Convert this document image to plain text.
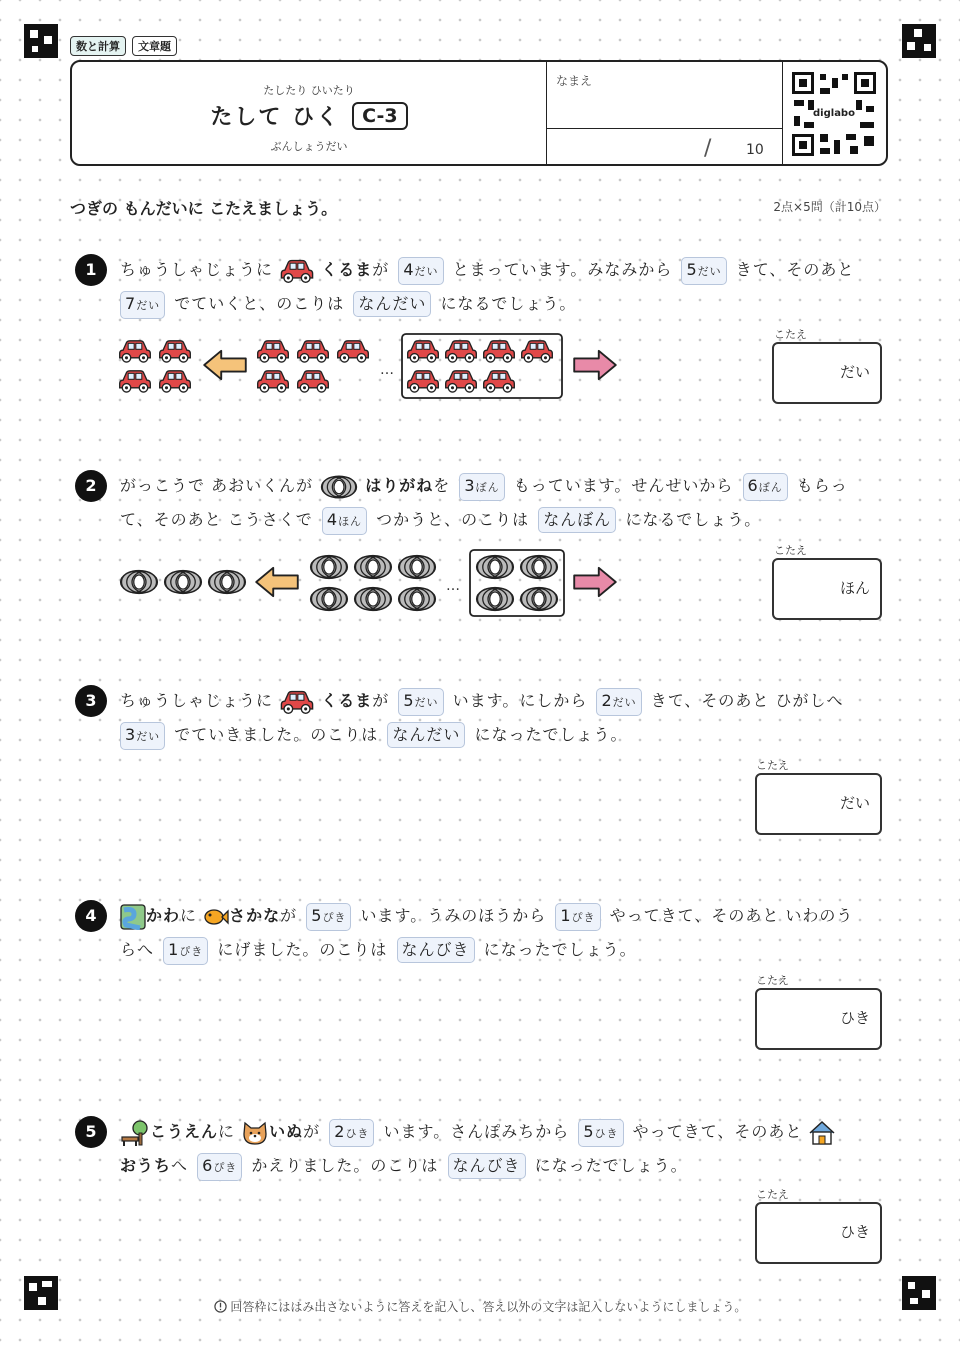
数と計算	文章題
たしたり ひいたり
たして ひく	C-3
ぶんしょうだい
なまえ
/ 10
diglabo
つぎの もんだいに こたえましょう。	2点×5問（計10点）
1	ちゅうしゃじょうに	くるまが 4だい とまっています。みなみから 5だい きて、そのあと
7だい でていくと、のこりは なんだい になるでしょう。
…
こたえ
だい
2	がっこうで あおいくんが	はりがねを 3ぼん もっています。せんせいから 6ぼん もらっ
て、そのあと こうさくで 4ほん つかうと、のこりは なんぼん になるでしょう。
…
こたえ
ほん
3	ちゅうしゃじょうに	くるまが 5だい います。にしから 2だい きて、そのあと ひがしへ
3だい でていきました。のこりは なんだい になったでしょう。
こたえ
だい
4	かわに さかなが 5ぴき います。うみのほうから 1ぴき やってきて、そのあと いわのう
らへ 1ぴき にげました。のこりは なんびき になったでしょう。
こたえ
ひき
5	こうえんに いぬが 2ひき います。さんぽみちから 5ひき やってきて、そのあと
おうちへ 6ぴき かえりました。のこりは なんびき になったでしょう。
こたえ
ひき
回答枠にははみ出さないように答えを記入し、答え以外の文字は記入しないようにしましょう。
